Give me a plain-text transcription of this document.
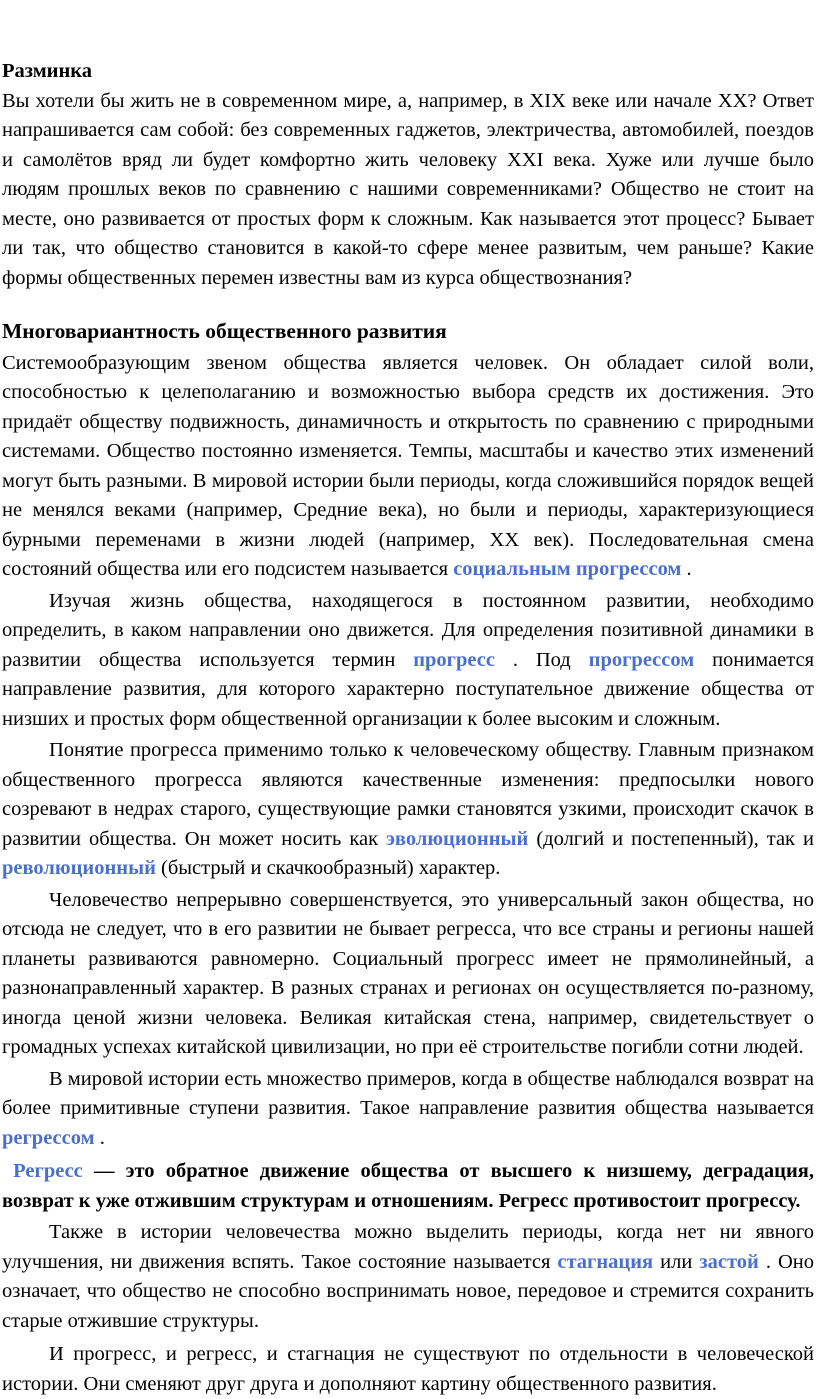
Разминка

Вы хотели бы жить не в современном мире, а, например, в XIX веке или начале XX? Ответ напрашивается сам собой: без современных гаджетов, электричества, автомобилей, поездов и самолётов вряд ли будет комфортно жить человеку XXI века. Хуже или лучше было людям прошлых веков по сравнению с нашими современниками? Общество не стоит на месте, оно развивается от простых форм к сложным. Как называется этот процесс? Бывает ли так, что общество становится в какой-то сфере менее развитым, чем раньше? Какие формы общественных перемен известны вам из курса обществознания?

Многовариантность общественного развития

Системообразующим звеном общества является человек. Он обладает силой воли, способностью к целеполаганию и возможностью выбора средств их достижения. Это придаёт обществу подвижность, динамичность и открытость по сравнению с природными системами. Общество постоянно изменяется. Темпы, масштабы и качество этих изменений могут быть разными. В мировой истории были периоды, когда сложившийся порядок вещей не менялся веками (например, Средние века), но были и периоды, характеризующиеся бурными переменами в жизни людей (например, XX век). Последовательная смена состояний общества или его подсистем называется социальным прогрессом .

Изучая жизнь общества, находящегося в постоянном развитии, необходимо определить, в каком направлении оно движется. Для определения позитивной динамики в развитии общества используется термин прогресс . Под прогрессом понимается направление развития, для которого характерно поступательное движение общества от низших и простых форм общественной организации к более высоким и сложным.

Понятие прогресса применимо только к человеческому обществу. Главным признаком общественного прогресса являются качественные изменения: предпосылки нового созревают в недрах старого, существующие рамки становятся узкими, происходит скачок в развитии общества. Он может носить как эволюционный (долгий и постепенный), так и революционный (быстрый и скачкообразный) характер.

Человечество непрерывно совершенствуется, это универсальный закон общества, но отсюда не следует, что в его развитии не бывает регресса, что все страны и регионы нашей планеты развиваются равномерно. Социальный прогресс имеет не прямолинейный, а разнонаправленный характер. В разных странах и регионах он осуществляется по-разному, иногда ценой жизни человека. Великая китайская стена, например, свидетельствует о громадных успехах китайской цивилизации, но при её строительстве погибли сотни людей.

В мировой истории есть множество примеров, когда в обществе наблюдался возврат на более примитивные ступени развития. Такое направление развития общества называется регрессом .

Регресс — это обратное движение общества от высшего к низшему, деградация, возврат к уже отжившим структурам и отношениям. Регресс противостоит прогрессу.

Также в истории человечества можно выделить периоды, когда нет ни явного улучшения, ни движения вспять. Такое состояние называется стагнация или застой . Оно означает, что общество не способно воспринимать новое, передовое и стремится сохранить старые отжившие структуры.

И прогресс, и регресс, и стагнация не существуют по отдельности в человеческой истории. Они сменяют друг друга и дополняют картину общественного развития.
